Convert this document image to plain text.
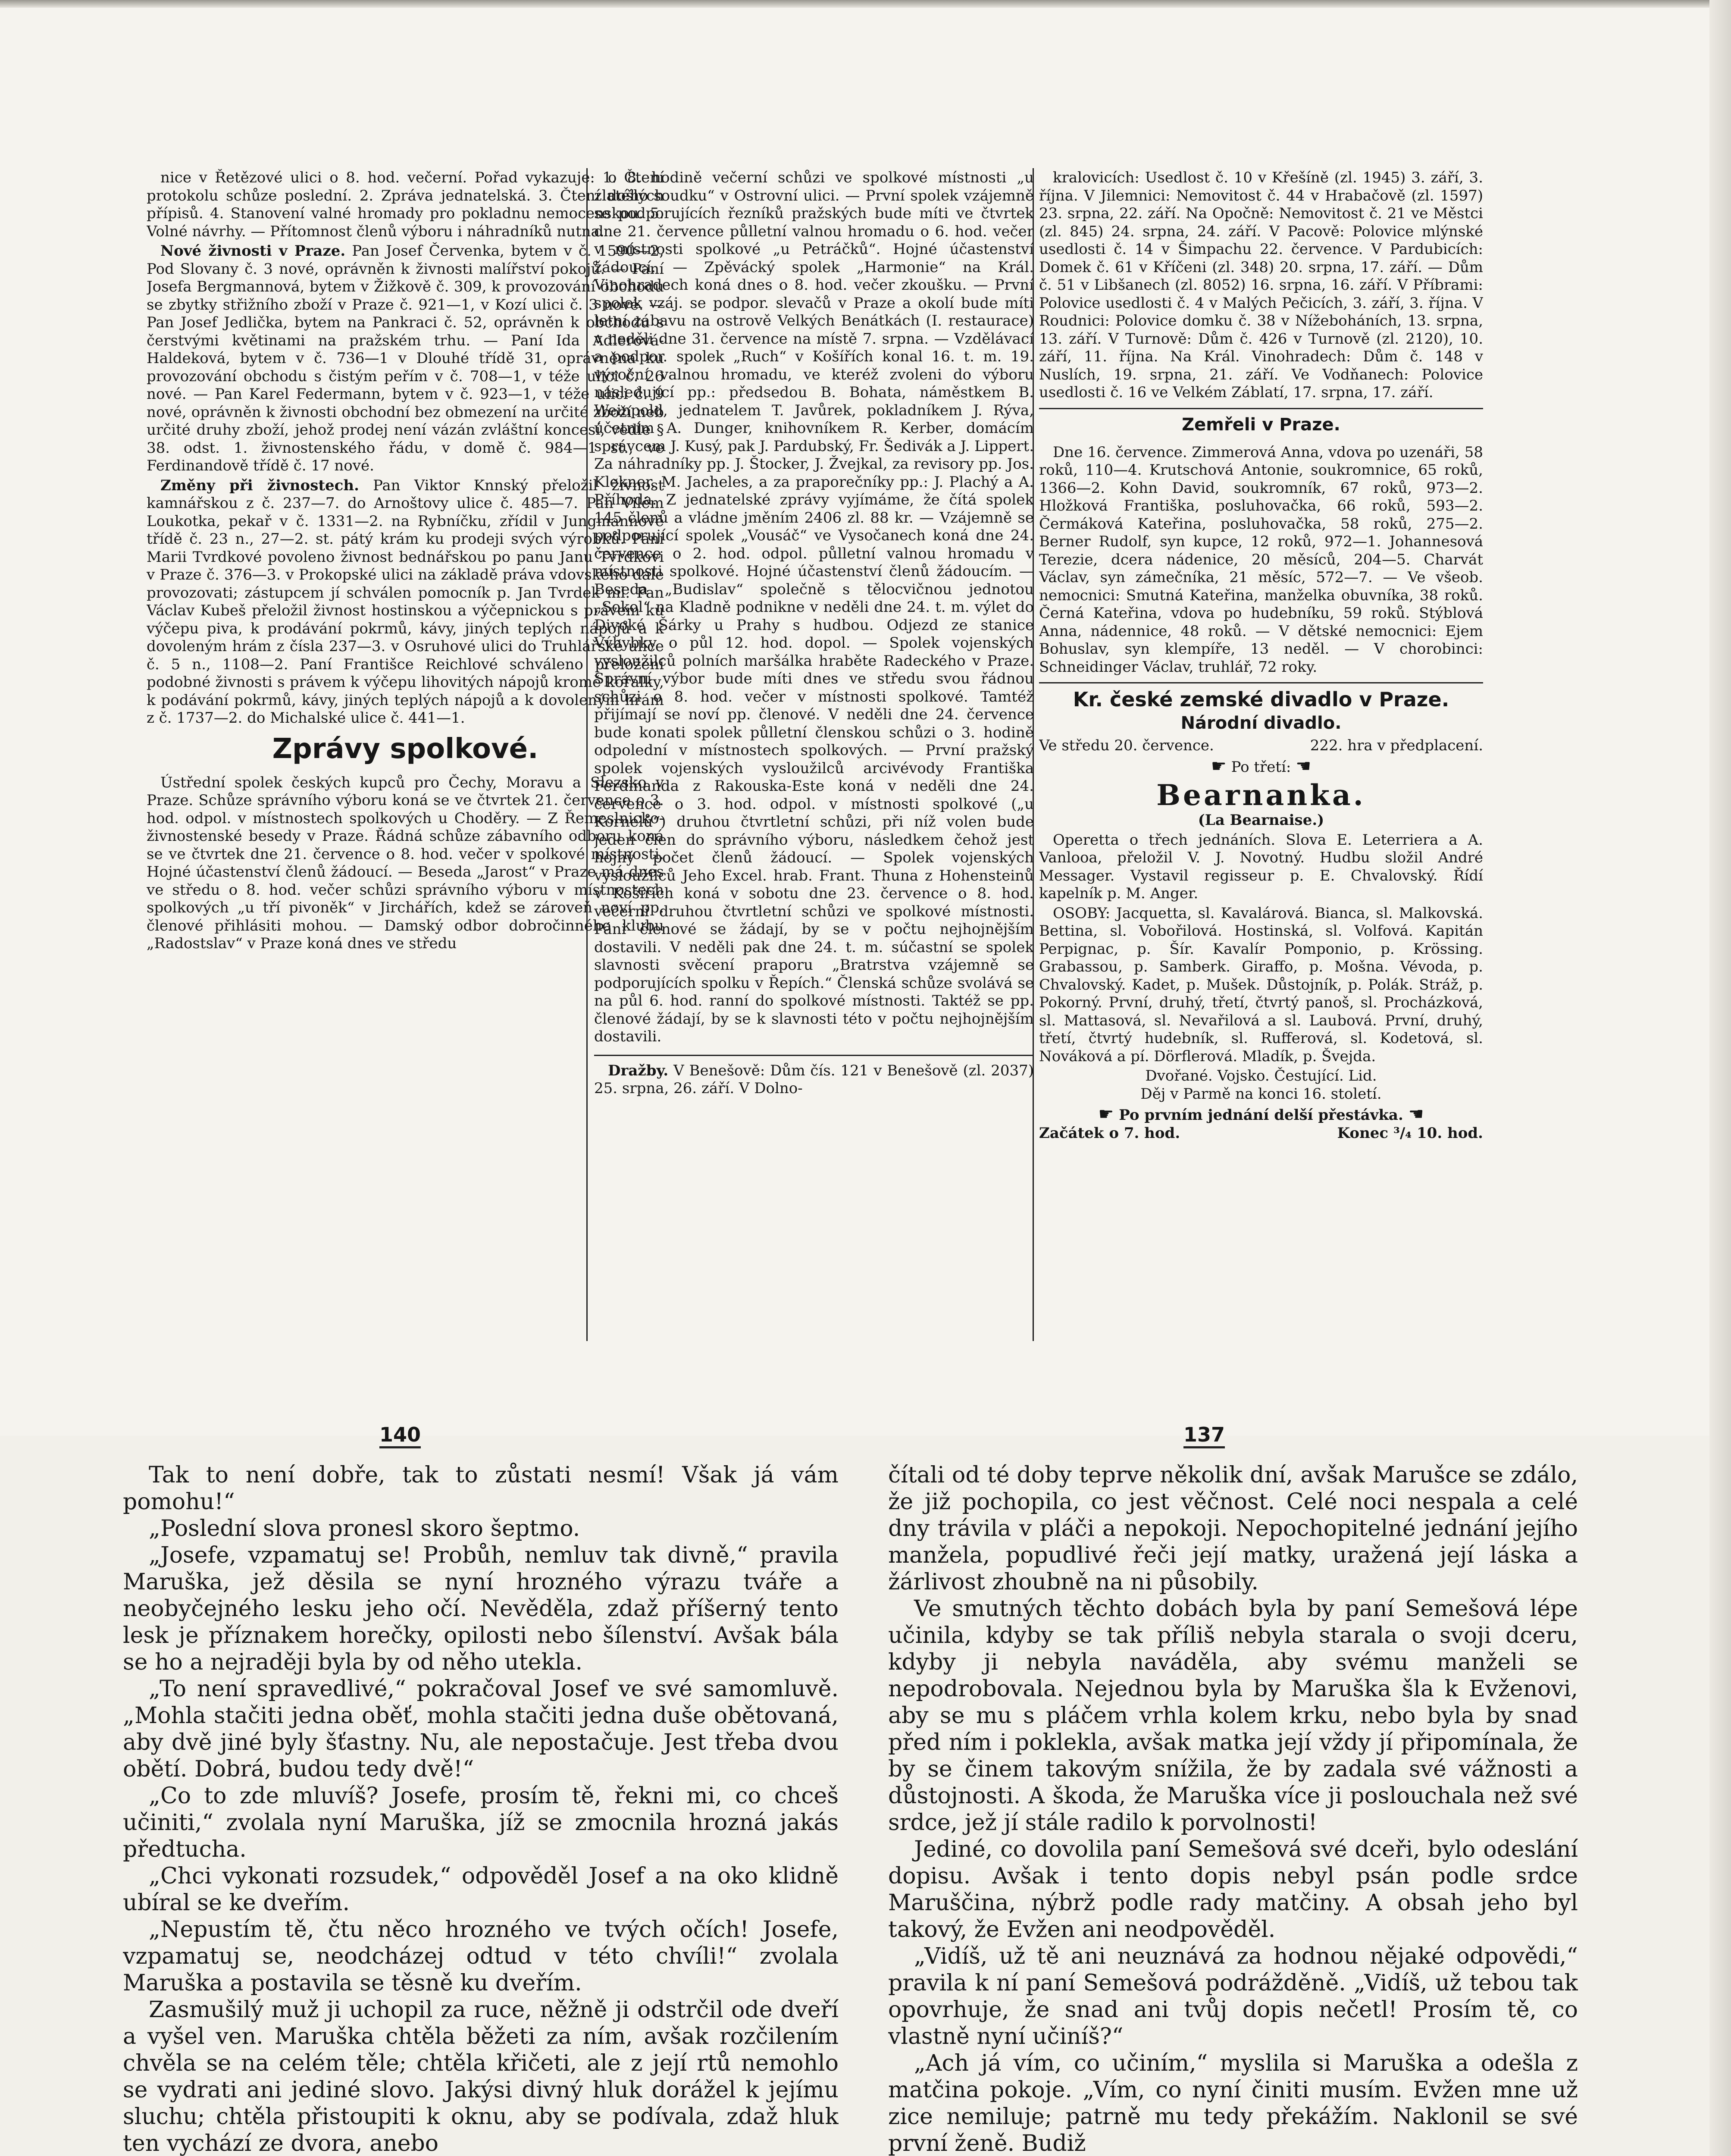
nice v Řetězové ulici o 8. hod. večerní. Pořad vykazuje: 1. Čtení protokolu schůze poslední. 2. Zpráva jednatelská. 3. Čtení došlých přípisů. 4. Stanovení valné hromady pro pokladnu nemocenskou. 5. Volné návrhy. — Přítomnost členů výboru i náhradníků nutna.

Nové živnosti v Praze. Pan Josef Červenka, bytem v č. 1590—2, Pod Slovany č. 3 nové, oprávněn k živnosti malířství pokojů. — Paní Josefa Bergmannová, bytem v Žižkově č. 309, k provozování obchodu se zbytky střižního zboží v Praze č. 921—1, v Kozí ulici č. 3 nové. — Pan Josef Jedlička, bytem na Pankraci č. 52, oprávněn k obchodu s čerstvými květinami na pražském trhu. — Paní Ida Adlerová-Haldeková, bytem v č. 736—1 v Dlouhé třídě 31, oprávněna ku provozování obchodu s čistým peřím v č. 708—1, v téže ulici č. 26 nové. — Pan Karel Federmann, bytem v č. 923—1, v téže ulici č. 9 nové, oprávněn k živnosti obchodní bez obmezení na určité zboží neb určité druhy zboží, jehož prodej není vázán zvláštní koncesí, vedle § 38. odst. 1. živnostenského řádu, v domě č. 984—1 st., ve Ferdinandově třídě č. 17 nové.

Změny při živnostech. Pan Viktor Knnský přeložil živnost kamnářskou z č. 237—7. do Arnoštovy ulice č. 485—7. Pan Vilém Loukotka, pekař v č. 1331—2. na Rybníčku, zřídil v Jungmannově třídě č. 23 n., 27—2. st. pátý krám ku prodeji svých výrobků. Paní Marii Tvrdkové povoleno živnost bednářskou po panu Janu Tvrdkovi v Praze č. 376—3. v Prokopské ulici na základě práva vdovského dále provozovati; zástupcem jí schválen pomocník p. Jan Tvrdek ml. Pan Václav Kubeš přeložil živnost hostinskou a výčepnickou s právem ku výčepu piva, k prodávání pokrmů, kávy, jiných teplých nápojů a k dovoleným hrám z čísla 237—3. v Osruhové ulici do Truhlářské ulice č. 5 n., 1108—2. Paní Františce Reichlové schváleno přeložení podobné živnosti s právem k výčepu lihovitých nápojů kromě kořalky, k podávání pokrmů, kávy, jiných teplých nápojů a k dovoleným hrám z č. 1737—2. do Michalské ulice č. 441—1.

Zprávy spolkové.

Ústřední spolek českých kupců pro Čechy, Moravu a Slezsko v Praze. Schůze správního výboru koná se ve čtvrtek 21. července o 3. hod. odpol. v místnostech spolkových u Choděry. — Z Řemeslnicko-živnostenské besedy v Praze. Řádná schůze zábavního odboru koná se ve čtvrtek dne 21. července o 8. hod. večer v spolkové místnosti. Hojné účastenství členů žádoucí. — Beseda „Jarost“ v Praze má dnes ve středu o 8. hod. večer schůzi správního výboru v místnostech spolkových „u tří pivoněk“ v Jirchářích, kdež se zároveň noví pp. členové přihlásiti mohou. — Damský odbor dobročinného klubu „Radostslav“ v Praze koná dnes ve středu

o 8. hodině večerní schůzi ve spolkové místnosti „u zlatého soudku“ v Ostrovní ulici. — První spolek vzájemně se podporujících řezníků pražských bude míti ve čtvrtek dne 21. července půlletní valnou hromadu o 6. hod. večer v místnosti spolkové „u Petráčků“. Hojné účastenství žádoucí. — Zpěvácký spolek „Harmonie“ na Král. Vinohradech koná dnes o 8. hod. večer zkoušku. — První spolek vzáj. se podpor. slevačů v Praze a okolí bude míti letní zábavu na ostrově Velkých Benátkách (I. restaurace) v neděli dne 31. července na místě 7. srpna. — Vzdělávací a podpor. spolek „Ruch“ v Košířích konal 16. t. m. 19. výroční valnou hromadu, ve kteréž zvoleni do výboru následující pp.: předsedou B. Bohata, náměstkem B. Weinpold, jednatelem T. Javůrek, pokladníkem J. Rýva, účetním A. Dunger, knihovníkem R. Kerber, domácím správcem J. Kusý, pak J. Pardubský, Fr. Šedivák a J. Lippert. Za náhradníky pp. J. Štocker, J. Žvejkal, za revisory pp. Jos. Klekner, M. Jacheles, a za praporečníky pp.: J. Plachý a A. Příhoda. Z jednatelské zprávy vyjímáme, že čítá spolek 145 členů a vládne jměním 2406 zl. 88 kr. — Vzájemně se podporující spolek „Vousáč“ ve Vysočanech koná dne 24. července o 2. hod. odpol. půlletní valnou hromadu v místnosti spolkové. Hojné účastenství členů žádoucím. — Beseda „Budislav“ společně s tělocvičnou jednotou „Sokol“ na Kladně podnikne v neděli dne 24. t. m. výlet do Divoké Šárky u Prahy s hudbou. Odjezd ze stanice Výhybky o půl 12. hod. dopol. — Spolek vojenských vysloužilců polních maršálka hraběte Radeckého v Praze. Správní výbor bude míti dnes ve středu svou řádnou schůzi o 8. hod. večer v místnosti spolkové. Tamtéž přijímají se noví pp. členové. V neděli dne 24. července bude konati spolek půlletní členskou schůzi o 3. hodině odpolední v místnostech spolkových. — První pražský spolek vojenských vysloužilců arcivévody Františka Ferdinanda z Rakouska-Este koná v neděli dne 24. července o 3. hod. odpol. v místnosti spolkové („u Kornelů“) druhou čtvrtletní schůzi, při níž volen bude jeden člen do správního výboru, následkem čehož jest hojný počet členů žádoucí. — Spolek vojenských vysloužilců Jeho Excel. hrab. Frant. Thuna z Hohensteinů v Košířích koná v sobotu dne 23. července o 8. hod. večerní druhou čtvrtletní schůzi ve spolkové místnosti. Páni členové se žádají, by se v počtu nejhojnějším dostavili. V neděli pak dne 24. t. m. súčastní se spolek slavnosti svěcení praporu „Bratrstva vzájemně se podporujících spolku v Řepích.“ Členská schůze svolává se na půl 6. hod. ranní do spolkové místnosti. Taktéž se pp. členové žádají, by se k slavnosti této v počtu nejhojnějším dostavili.

Dražby. V Benešově: Dům čís. 121 v Benešově (zl. 2037) 25. srpna, 26. září. V Dolno-

kralovicích: Usedlost č. 10 v Křešíně (zl. 1945) 3. září, 3. října. V Jilemnici: Nemovitost č. 44 v Hrabačově (zl. 1597) 23. srpna, 22. září. Na Opočně: Nemovitost č. 21 ve Městci (zl. 845) 24. srpna, 24. září. V Pacově: Polovice mlýnské usedlosti č. 14 v Šimpachu 22. července. V Pardubicích: Domek č. 61 v Kříčeni (zl. 348) 20. srpna, 17. září. — Dům č. 51 v Libšanech (zl. 8052) 16. srpna, 16. září. V Příbrami: Polovice usedlosti č. 4 v Malých Pečicích, 3. září, 3. října. V Roudnici: Polovice domku č. 38 v Nížeboháních, 13. srpna, 13. září. V Turnově: Dům č. 426 v Turnově (zl. 2120), 10. září, 11. října. Na Král. Vinohradech: Dům č. 148 v Nuslích, 19. srpna, 21. září. Ve Vodňanech: Polovice usedlosti č. 16 ve Velkém Záblatí, 17. srpna, 17. září.

Zemřeli v Praze.

Dne 16. července. Zimmerová Anna, vdova po uzenáři, 58 roků, 110—4. Krutschová Antonie, soukromnice, 65 roků, 1366—2. Kohn David, soukromník, 67 roků, 973—2. Hložková Františka, posluhovačka, 66 roků, 593—2. Čermáková Kateřina, posluhovačka, 58 roků, 275—2. Berner Rudolf, syn kupce, 12 roků, 972—1. Johannesová Terezie, dcera nádenice, 20 měsíců, 204—5. Charvát Václav, syn zámečníka, 21 měsíc, 572—7. — Ve všeob. nemocnici: Smutná Kateřina, manželka obuvníka, 38 roků. Černá Kateřina, vdova po hudebníku, 59 roků. Stýblová Anna, nádennice, 48 roků. — V dětské nemocnici: Ejem Bohuslav, syn klempíře, 13 neděl. — V chorobinci: Schneidinger Václav, truhlář, 72 roky.

Kr. české zemské divadlo v Praze.
Národní divadlo.
Ve středu 20. července.	222. hra v předplacení.
☛ Po třetí: ☚
Bearnanka.
(La Bearnaise.)

Operetta o třech jednáních. Slova E. Leterriera a A. Vanlooa, přeložil V. J. Novotný. Hudbu složil André Messager. Vystavil regisseur p. E. Chvalovský. Řídí kapelník p. M. Anger.

OSOBY: Jacquetta, sl. Kavalárová. Bianca, sl. Malkovská. Bettina, sl. Vobořilová. Hostinská, sl. Volfová. Kapitán Perpignac, p. Šír. Kavalír Pomponio, p. Krössing. Grabassou, p. Samberk. Giraffo, p. Mošna. Vévoda, p. Chvalovský. Kadet, p. Mušek. Důstojník, p. Polák. Stráž, p. Pokorný. První, druhý, třetí, čtvrtý panoš, sl. Procházková, sl. Mattasová, sl. Nevařilová a sl. Laubová. První, druhý, třetí, čtvrtý hudebník, sl. Rufferová, sl. Kodetová, sl. Nováková a pí. Dörflerová. Mladík, p. Švejda.

Dvořané. Vojsko. Čestující. Lid.
Děj v Parmě na konci 16. století.
☛ Po prvním jednání delší přestávka. ☚
Začátek o 7. hod.	Konec ³/₄ 10. hod.
140	137

Tak to není dobře, tak to zůstati nesmí! Však já vám pomohu!“

„Poslední slova pronesl skoro šeptmo.

„Josefe, vzpamatuj se! Probůh, nemluv tak divně,“ pravila Maruška, jež děsila se nyní hrozného výrazu tváře a neobyčejného lesku jeho očí. Nevěděla, zdaž příšerný tento lesk je příznakem horečky, opilosti nebo šílenství. Avšak bála se ho a nejraději byla by od něho utekla.

„To není spravedlivé,“ pokračoval Josef ve své samomluvě. „Mohla stačiti jedna oběť, mohla stačiti jedna duše obětovaná, aby dvě jiné byly šťastny. Nu, ale nepostačuje. Jest třeba dvou obětí. Dobrá, budou tedy dvě!“

„Co to zde mluvíš? Josefe, prosím tě, řekni mi, co chceš učiniti,“ zvolala nyní Maruška, jíž se zmocnila hrozná jakás předtucha.

„Chci vykonati rozsudek,“ odpověděl Josef a na oko klidně ubíral se ke dveřím.

„Nepustím tě, čtu něco hrozného ve tvých očích! Josefe, vzpamatuj se, neodcházej odtud v této chvíli!“ zvolala Maruška a postavila se těsně ku dveřím.

Zasmušilý muž ji uchopil za ruce, něžně ji odstrčil ode dveří a vyšel ven. Maruška chtěla běžeti za ním, avšak rozčilením chvěla se na celém těle; chtěla křičeti, ale z její rtů nemohlo se vydrati ani jediné slovo. Jakýsi divný hluk dorážel k jejímu sluchu; chtěla přistoupiti k oknu, aby se podívala, zdaž hluk ten vychází ze dvora, anebo

čítali od té doby teprve několik dní, avšak Marušce se zdálo, že již pochopila, co jest věčnost. Celé noci nespala a celé dny trávila v pláči a nepokoji. Nepochopitelné jednání jejího manžela, popudlivé řeči její matky, uražená její láska a žárlivost zhoubně na ni působily.

Ve smutných těchto dobách byla by paní Semešová lépe učinila, kdyby se tak příliš nebyla starala o svoji dceru, kdyby ji nebyla naváděla, aby svému manželi se nepodrobovala. Nejednou byla by Maruška šla k Evženovi, aby se mu s pláčem vrhla kolem krku, nebo byla by snad před ním i poklekla, avšak matka její vždy jí připomínala, že by se činem takovým snížila, že by zadala své vážnosti a důstojnosti. A škoda, že Maruška více ji poslouchala než své srdce, jež jí stále radilo k porvolnosti!

Jediné, co dovolila paní Semešová své dceři, bylo odeslání dopisu. Avšak i tento dopis nebyl psán podle srdce Maruščina, nýbrž podle rady matčiny. A obsah jeho byl takový, že Evžen ani neodpověděl.

„Vidíš, už tě ani neuznává za hodnou nějaké odpovědi,“ pravila k ní paní Semešová podrážděně. „Vidíš, už tebou tak opovrhuje, že snad ani tvůj dopis nečetl! Prosím tě, co vlastně nyní učiníš?“

„Ach já vím, co učiním,“ myslila si Maruška a odešla z matčina pokoje. „Vím, co nyní činiti musím. Evžen mne už zice nemiluje; patrně mu tedy překážím. Naklonil se své první ženě. Budiž
